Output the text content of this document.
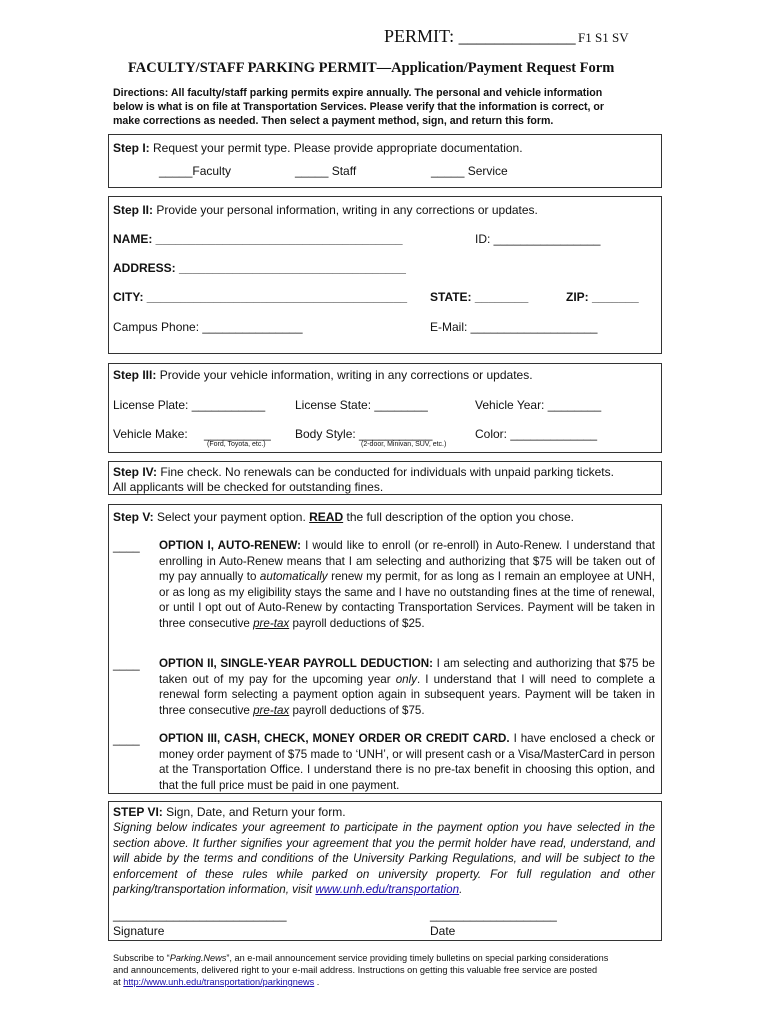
PERMIT: _____________ F1 S1 SV
FACULTY/STAFF PARKING PERMIT—Application/Payment Request Form
Directions: All faculty/staff parking permits expire annually. The personal and vehicle information
below is what is on file at Transportation Services. Please verify that the information is correct, or
make corrections as needed. Then select a payment method, sign, and return this form.
Step I: Request your permit type. Please provide appropriate documentation.
_____Faculty	_____ Staff	_____ Service
Step II: Provide your personal information, writing in any corrections or updates.
NAME: _____________________________________	ID: ________________
ADDRESS: __________________________________
CITY: _______________________________________ STATE: ________	ZIP: _______
Campus Phone: _______________	E-Mail: ___________________
Step III: Provide your vehicle information, writing in any corrections or updates.
License Plate: ___________ License State: ________	Vehicle Year: ________
Vehicle Make: __________ Body Style: ___________	Color: _____________
(Ford, Toyota, etc.)	(2-door, Minivan, SUV, etc.)
Step IV: Fine check. No renewals can be conducted for individuals with unpaid parking tickets.
All applicants will be checked for outstanding fines.
Step V: Select your payment option. READ the full description of the option you chose.
____ OPTION I, AUTO-RENEW: I would like to enroll (or re-enroll) in Auto-Renew. I understand that enrolling in Auto-Renew means that I am selecting and authorizing that $75 will be taken out of my pay annually to automatically renew my permit, for as long as I remain an employee at UNH, or as long as my eligibility stays the same and I have no outstanding fines at the time of renewal, or until I opt out of Auto-Renew by contacting Transportation Services. Payment will be taken in three consecutive pre-tax payroll deductions of $25.
____ OPTION II, SINGLE-YEAR PAYROLL DEDUCTION: I am selecting and authorizing that $75 be taken out of my pay for the upcoming year only. I understand that I will need to complete a renewal form selecting a payment option again in subsequent years. Payment will be taken in three consecutive pre-tax payroll deductions of $75.
____ OPTION III, CASH, CHECK, MONEY ORDER OR CREDIT CARD. I have enclosed a check or money order payment of $75 made to ‘UNH’, or will present cash or a Visa/MasterCard in person at the Transportation Office. I understand there is no pre-tax benefit in choosing this option, and that the full price must be paid in one payment.
STEP VI: Sign, Date, and Return your form.
Signing below indicates your agreement to participate in the payment option you have selected in the section above. It further signifies your agreement that you the permit holder have read, understand, and will abide by the terms and conditions of the University Parking Regulations, and will be subject to the enforcement of these rules while parked on university property. For full regulation and other parking/transportation information, visit www.unh.edu/transportation.
__________________________	___________________
Signature	Date
Subscribe to “Parking.News”, an e-mail announcement service providing timely bulletins on special parking considerations
and announcements, delivered right to your e-mail address. Instructions on getting this valuable free service are posted
at http://www.unh.edu/transportation/parkingnews .
